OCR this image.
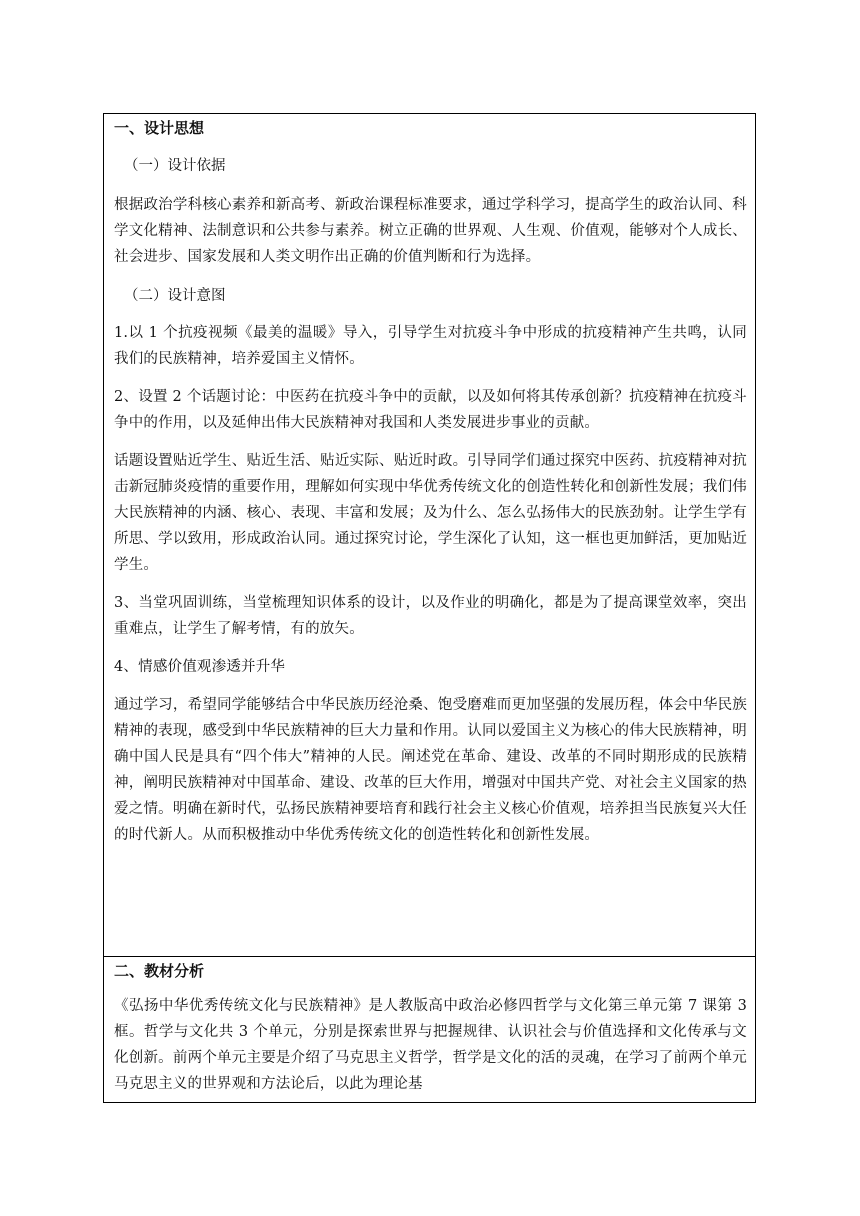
一、设计思想

（一）设计依据

根据政治学科核心素养和新高考、新政治课程标准要求，通过学科学习，提高学生的政治认同、科学文化精神、法制意识和公共参与素养。树立正确的世界观、人生观、价值观，能够对个人成长、社会进步、国家发展和人类文明作出正确的价值判断和行为选择。

（二）设计意图

1.以 1 个抗疫视频《最美的温暖》导入，引导学生对抗疫斗争中形成的抗疫精神产生共鸣，认同我们的民族精神，培养爱国主义情怀。

2、设置 2 个话题讨论：中医药在抗疫斗争中的贡献，以及如何将其传承创新？抗疫精神在抗疫斗争中的作用，以及延伸出伟大民族精神对我国和人类发展进步事业的贡献。

话题设置贴近学生、贴近生活、贴近实际、贴近时政。引导同学们通过探究中医药、抗疫精神对抗击新冠肺炎疫情的重要作用，理解如何实现中华优秀传统文化的创造性转化和创新性发展；我们伟大民族精神的内涵、核心、表现、丰富和发展；及为什么、怎么弘扬伟大的民族劲射。让学生学有所思、学以致用，形成政治认同。通过探究讨论，学生深化了认知，这一框也更加鲜活，更加贴近学生。

3、当堂巩固训练，当堂梳理知识体系的设计，以及作业的明确化，都是为了提高课堂效率，突出重难点，让学生了解考情，有的放矢。

4、情感价值观渗透并升华

通过学习，希望同学能够结合中华民族历经沧桑、饱受磨难而更加坚强的发展历程，体会中华民族精神的表现，感受到中华民族精神的巨大力量和作用。认同以爱国主义为核心的伟大民族精神，明确中国人民是具有“四个伟大”精神的人民。阐述党在革命、建设、改革的不同时期形成的民族精神，阐明民族精神对中国革命、建设、改革的巨大作用，增强对中国共产党、对社会主义国家的热爱之情。明确在新时代，弘扬民族精神要培育和践行社会主义核心价值观，培养担当民族复兴大任的时代新人。从而积极推动中华优秀传统文化的创造性转化和创新性发展。

二、教材分析

《弘扬中华优秀传统文化与民族精神》是人教版高中政治必修四哲学与文化第三单元第 7 课第 3 框。哲学与文化共 3 个单元，分别是探索世界与把握规律、认识社会与价值选择和文化传承与文化创新。前两个单元主要是介绍了马克思主义哲学，哲学是文化的活的灵魂，在学习了前两个单元马克思主义的世界观和方法论后，以此为理论基
